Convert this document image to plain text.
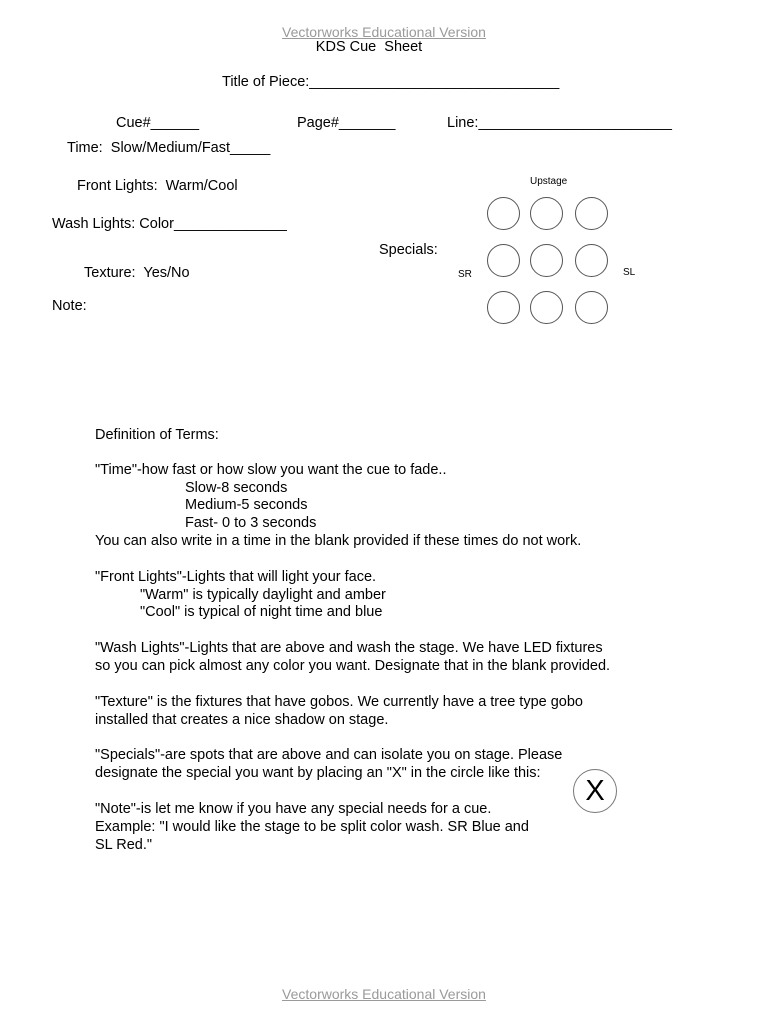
Vectorworks Educational Version
KDS Cue  Sheet
Title of Piece:_______________________________
Cue#______	Page#_______	Line:________________________
Time:  Slow/Medium/Fast_____
Front Lights:  Warm/Cool
Wash Lights: Color______________
Specials:
Texture:  Yes/No
Note:
Upstage
SR	SL
Definition of Terms:
"Time"-how fast or how slow you want the cue to fade..
Slow-8 seconds
Medium-5 seconds
Fast- 0 to 3 seconds
You can also write in a time in the blank provided if these times do not work.
"Front Lights"-Lights that will light your face.
"Warm" is typically daylight and amber
"Cool" is typical of night time and blue
"Wash Lights"-Lights that are above and wash the stage. We have LED fixtures
so you can pick almost any color you want. Designate that in the blank provided.
"Texture" is the fixtures that have gobos. We currently have a tree type gobo
installed that creates a nice shadow on stage.
"Specials"-are spots that are above and can isolate you on stage. Please
designate the special you want by placing an "X" in the circle like this:
X
"Note"-is let me know if you have any special needs for a cue.
Example: "I would like the stage to be split color wash. SR Blue and
SL Red."
Vectorworks Educational Version
